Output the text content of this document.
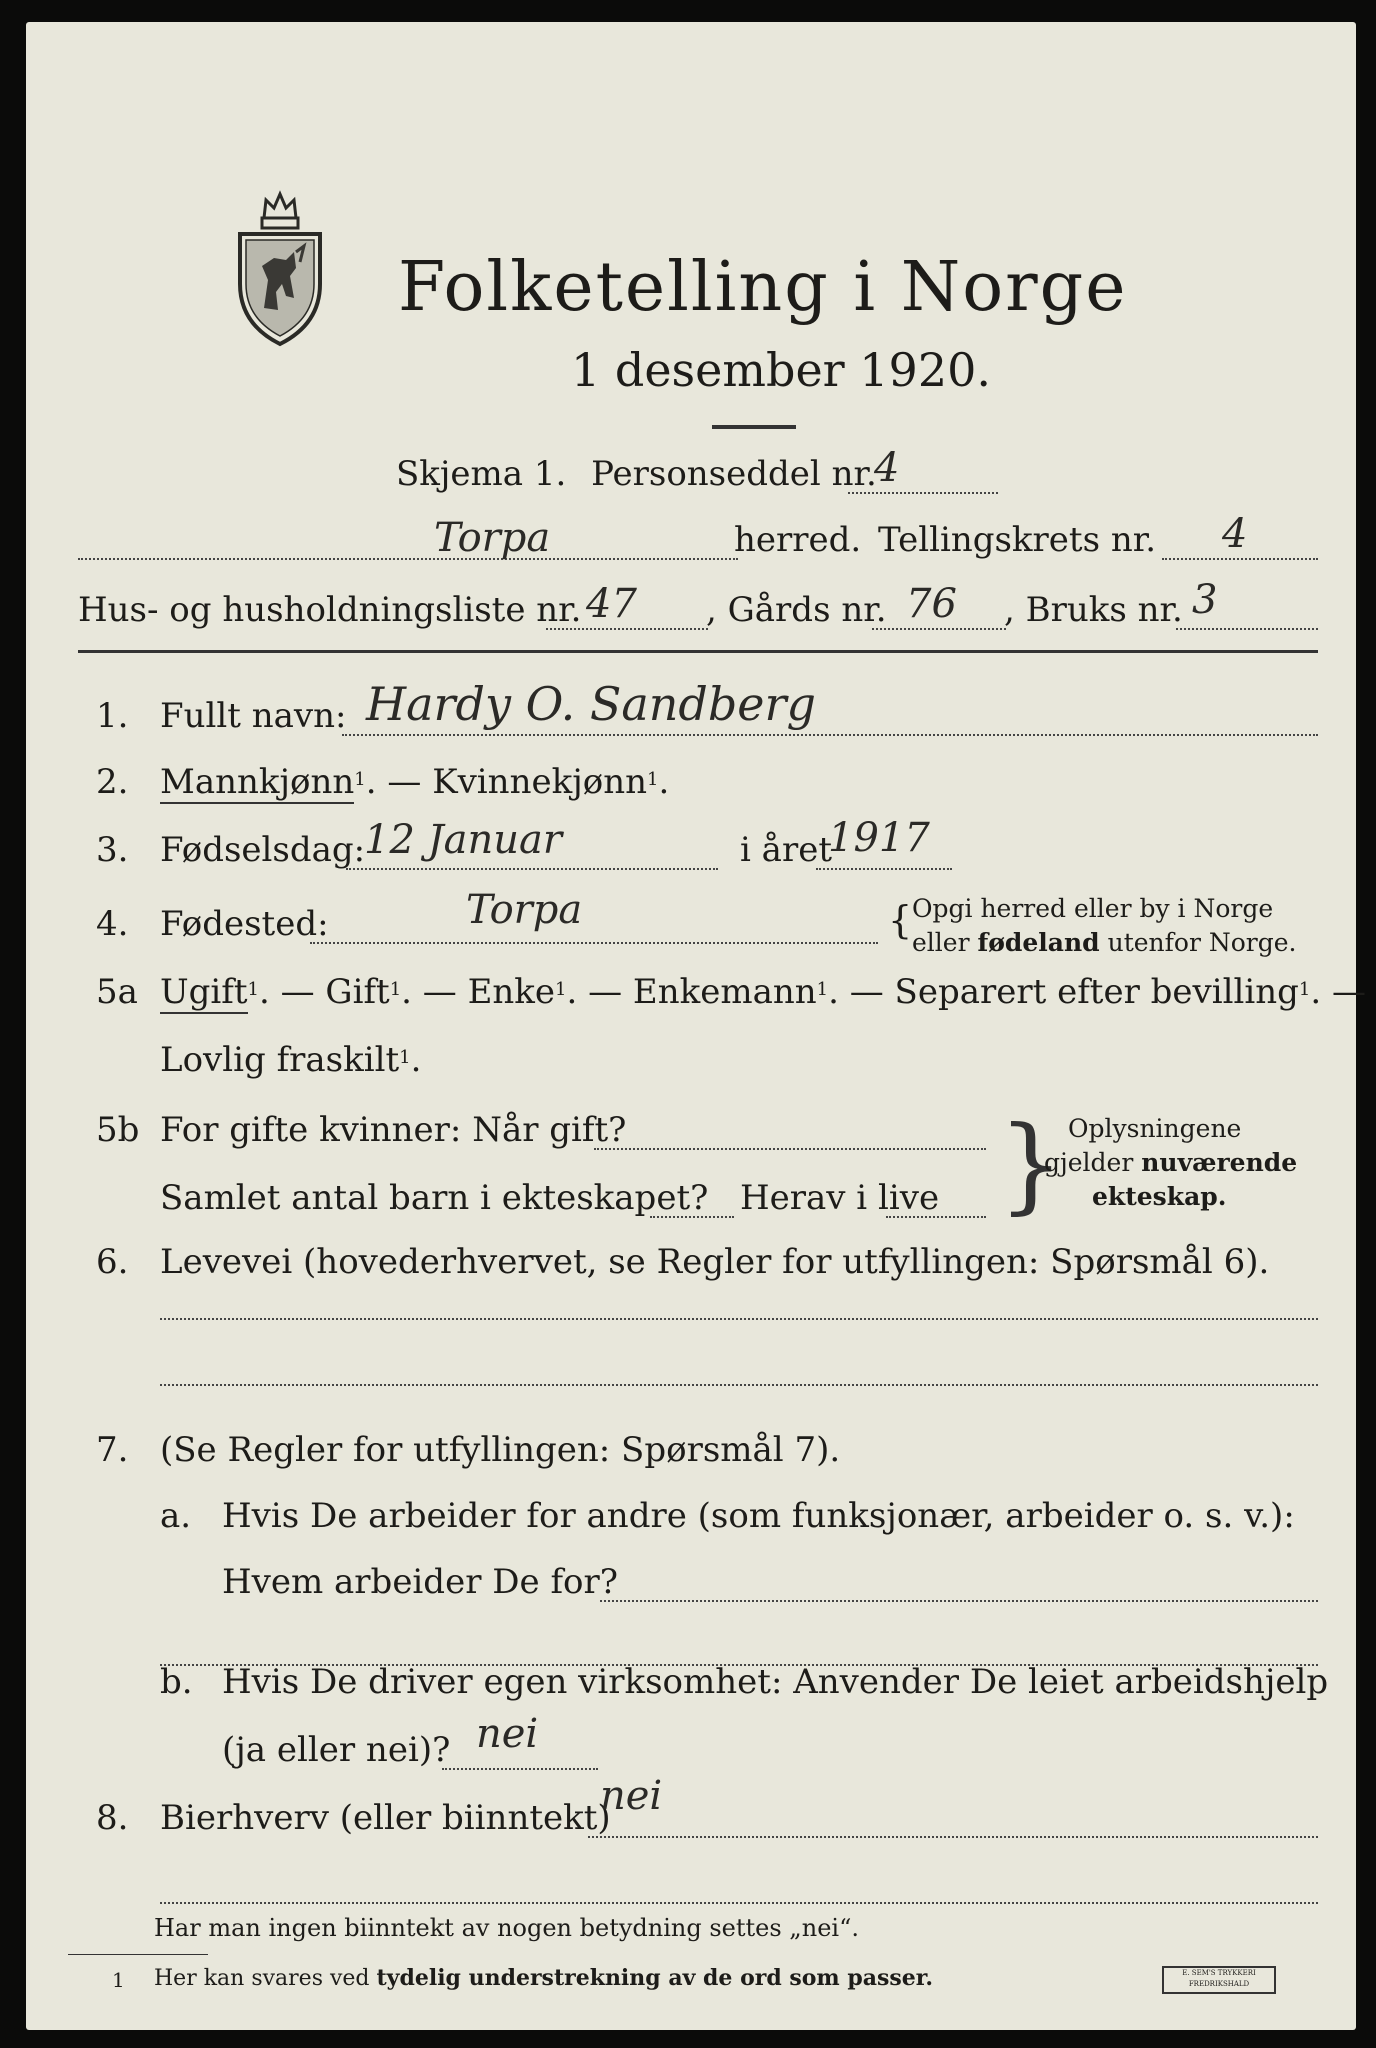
Folketelling i Norge
1 desember 1920.
Skjema 1. Personseddel nr.
4
Torpa	herred. Tellingskrets nr. 4
Hus- og husholdningsliste nr. 47 , Gårds nr. 76 , Bruks nr. 3
1. Fullt navn: Hardy O. Sandberg
2. Mannkjønn$^1$. — Kvinnekjønn$^1$.
3. Fødselsdag:
12 Januar	i året
1917
4. Fødested:	Torpa	{ Opgi herred eller by i Norge
eller fødeland utenfor Norge.
5a Ugift$^1$. — Gift$^1$. — Enke$^1$. — Enkemann$^1$. — Separert efter bevilling$^1$. —
Lovlig fraskilt$^1$.
5b For gifte kvinner: Når gift?
Samlet antal barn i ekteskapet? Herav i live } Oplysningene
gjelder nuværende
ekteskap.
6. Levevei (hovederhvervet, se Regler for utfyllingen: Spørsmål 6).
7. (Se Regler for utfyllingen: Spørsmål 7).
a. Hvis De arbeider for andre (som funksjonær, arbeider o. s. v.):
Hvem arbeider De for?
b. Hvis De driver egen virksomhet: Anvender De leiet arbeidshjelp
(ja eller nei)? nei
8. Bierhverv (eller biinntekt)
nei
Har man ingen biinntekt av nogen betydning settes „nei“.
1 Her kan svares ved tydelig understrekning av de ord som passer.	E. SEM'S TRYKKERI FREDRIKSHALD
